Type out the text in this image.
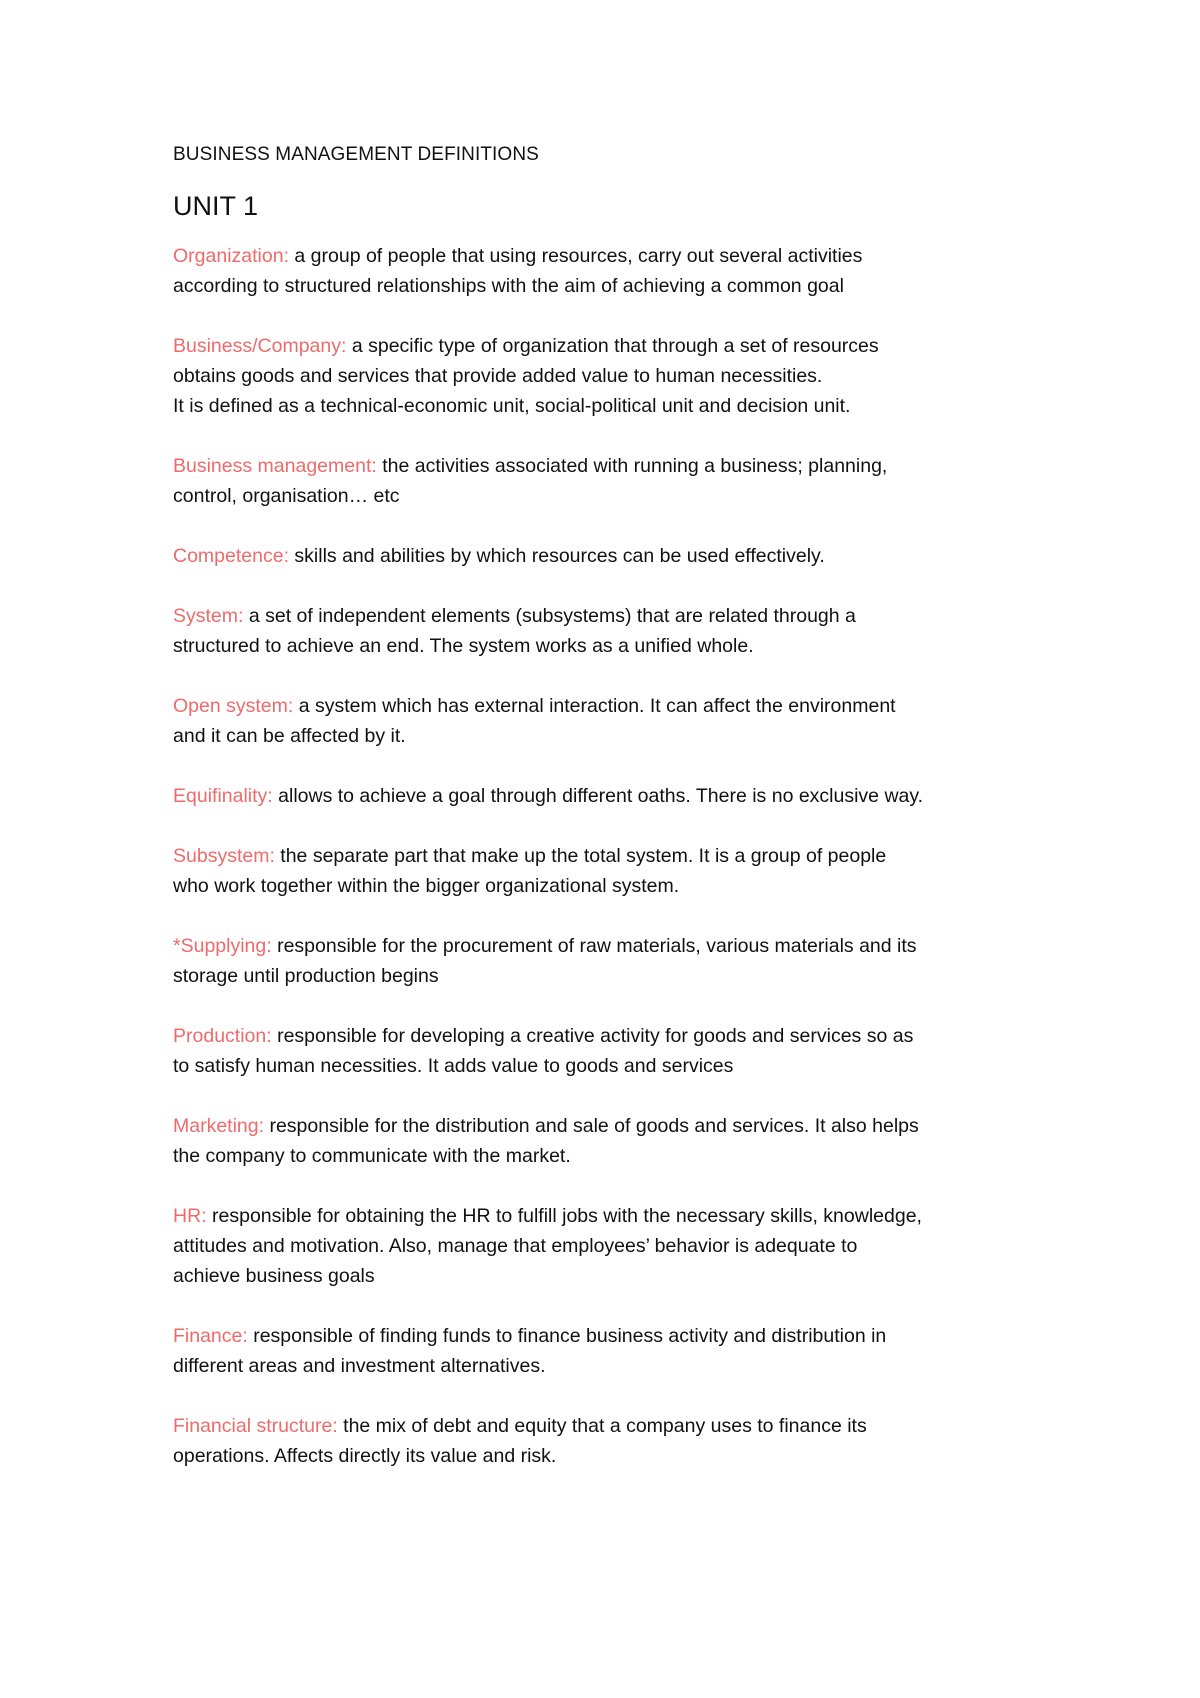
BUSINESS MANAGEMENT DEFINITIONS
UNIT 1
Organization: a group of people that using resources, carry out several activities
according to structured relationships with the aim of achieving a common goal
Business/Company: a specific type of organization that through a set of resources
obtains goods and services that provide added value to human necessities.
It is defined as a technical-economic unit, social-political unit and decision unit.
Business management: the activities associated with running a business; planning,
control, organisation… etc
Competence: skills and abilities by which resources can be used effectively.
System: a set of independent elements (subsystems) that are related through a
structured to achieve an end. The system works as a unified whole.
Open system: a system which has external interaction. It can affect the environment
and it can be affected by it.
Equifinality: allows to achieve a goal through different oaths. There is no exclusive way.
Subsystem: the separate part that make up the total system. It is a group of people
who work together within the bigger organizational system.
*Supplying: responsible for the procurement of raw materials, various materials and its
storage until production begins
Production: responsible for developing a creative activity for goods and services so as
to satisfy human necessities. It adds value to goods and services
Marketing: responsible for the distribution and sale of goods and services. It also helps
the company to communicate with the market.
HR: responsible for obtaining the HR to fulfill jobs with the necessary skills, knowledge,
attitudes and motivation. Also, manage that employees’ behavior is adequate to
achieve business goals
Finance: responsible of finding funds to finance business activity and distribution in
different areas and investment alternatives.
Financial structure: the mix of debt and equity that a company uses to finance its
operations. Affects directly its value and risk.
